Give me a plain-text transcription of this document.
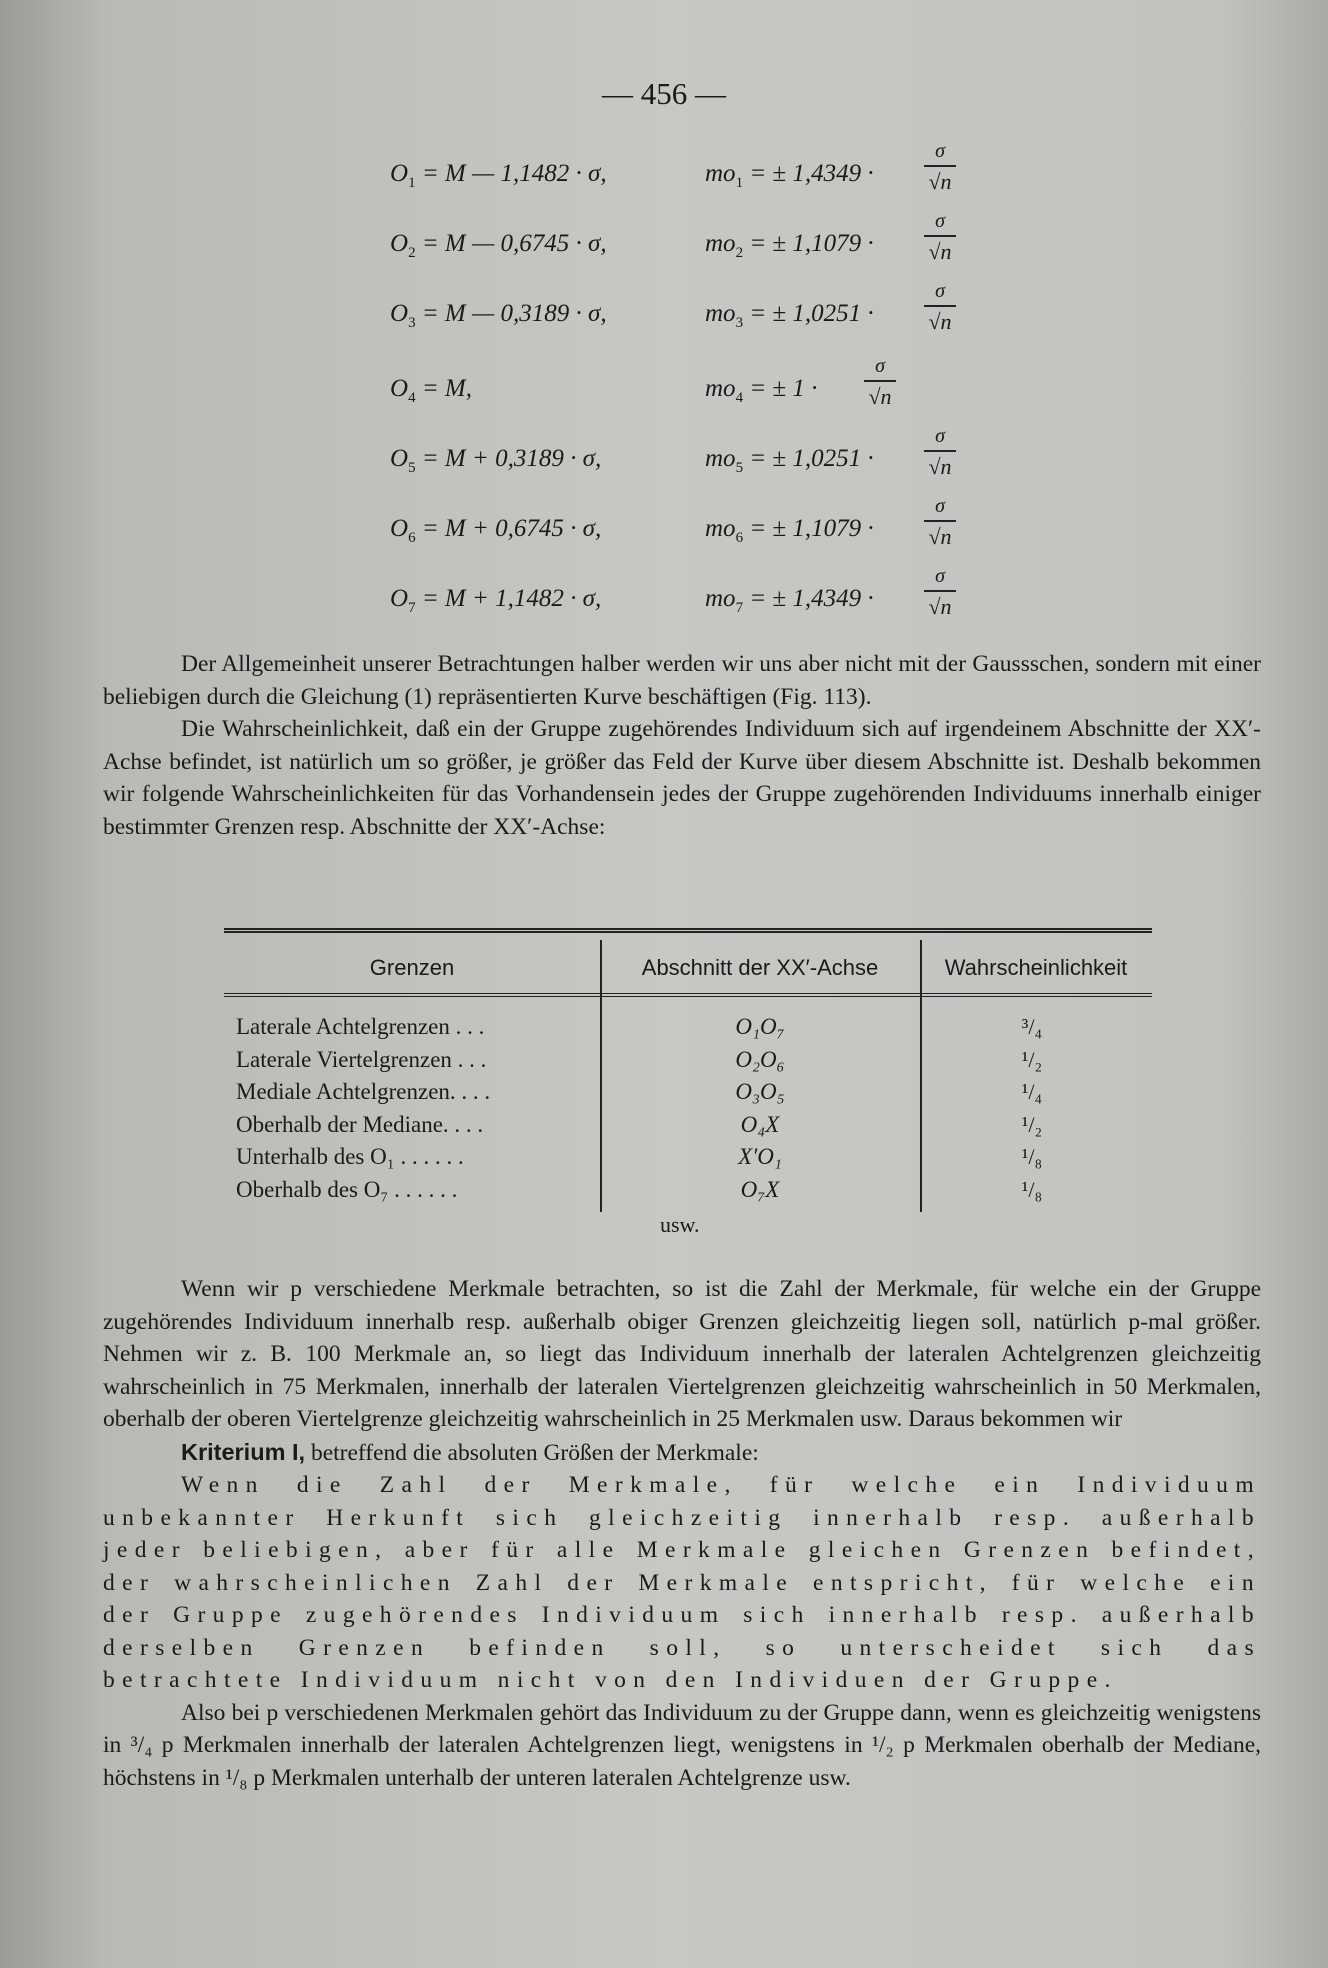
— 456 —
$O_1 = M$ — 1,1482 · σ,	$mo_1$ = ± 1,4349 ·
σ
√n
$O_2 = M$ — 0,6745 · σ,	$mo_2$ = ± 1,1079 ·
σ
√n
$O_3 = M$ — 0,3189 · σ,	$mo_3$ = ± 1,0251 ·
σ
√n
$O_4 = M$,	$mo_4$ = ± 1 ·
σ
√n
$O_5 = M + 0,3189 \cdot \sigma$,	$mo_5$ = ± 1,0251 ·
σ
√n
$O_6 = M + 0,6745 \cdot \sigma$,	$mo_6$ = ± 1,1079 ·
σ
√n
$O_7 = M + 1,1482 \cdot \sigma$,	$mo_7$ = ± 1,4349 ·
σ
√n

Der Allgemeinheit unserer Betrachtungen halber werden wir uns aber nicht mit der Gaussschen, sondern mit einer beliebigen durch die Gleichung (1) repräsentierten Kurve beschäftigen (Fig. 113).

Die Wahrscheinlichkeit, daß ein der Gruppe zugehörendes Individuum sich auf irgendeinem Abschnitte der XX′-Achse befindet, ist natürlich um so größer, je größer das Feld der Kurve über diesem Abschnitte ist. Deshalb bekommen wir folgende Wahrscheinlichkeiten für das Vorhandensein jedes der Gruppe zugehörenden Individuums innerhalb einiger bestimmter Grenzen resp. Abschnitte der XX′-Achse:

Grenzen	Abschnitt der XX′-Achse	Wahrscheinlichkeit
Laterale Achtelgrenzen . . .	O₁O₇	³/₄
Laterale Viertelgrenzen . . .	O₂O₆	¹/₂
Mediale Achtelgrenzen. . . .	O₃O₅	¹/₄
Oberhalb der Mediane. . . .	O₄X	¹/₂
Unterhalb des O₁ . . . . . .	X′O₁	¹/₈
Oberhalb des O₇ . . . . . .	O₇X	¹/₈
usw.

Wenn wir p verschiedene Merkmale betrachten, so ist die Zahl der Merkmale, für welche ein der Gruppe zugehörendes Individuum innerhalb resp. außerhalb obiger Grenzen gleichzeitig liegen soll, natürlich p-mal größer. Nehmen wir z. B. 100 Merkmale an, so liegt das Individuum innerhalb der lateralen Achtelgrenzen gleichzeitig wahrscheinlich in 75 Merkmalen, innerhalb der lateralen Viertelgrenzen gleichzeitig wahrscheinlich in 50 Merkmalen, oberhalb der oberen Viertelgrenze gleichzeitig wahrscheinlich in 25 Merkmalen usw. Daraus bekommen wir

Kriterium I, betreffend die absoluten Größen der Merkmale:

Wenn die Zahl der Merkmale, für welche ein Individuum unbekannter Herkunft sich gleichzeitig innerhalb resp. außerhalb jeder beliebigen, aber für alle Merkmale gleichen Grenzen befindet, der wahrscheinlichen Zahl der Merkmale entspricht, für welche ein der Gruppe zugehörendes Individuum sich innerhalb resp. außerhalb derselben Grenzen befinden soll, so unterscheidet sich das betrachtete Individuum nicht von den Individuen der Gruppe.

Also bei p verschiedenen Merkmalen gehört das Individuum zu der Gruppe dann, wenn es gleichzeitig wenigstens in ³/₄ p Merkmalen innerhalb der lateralen Achtelgrenzen liegt, wenigstens in ¹/₂ p Merkmalen oberhalb der Mediane, höchstens in ¹/₈ p Merkmalen unterhalb der unteren lateralen Achtelgrenze usw.
